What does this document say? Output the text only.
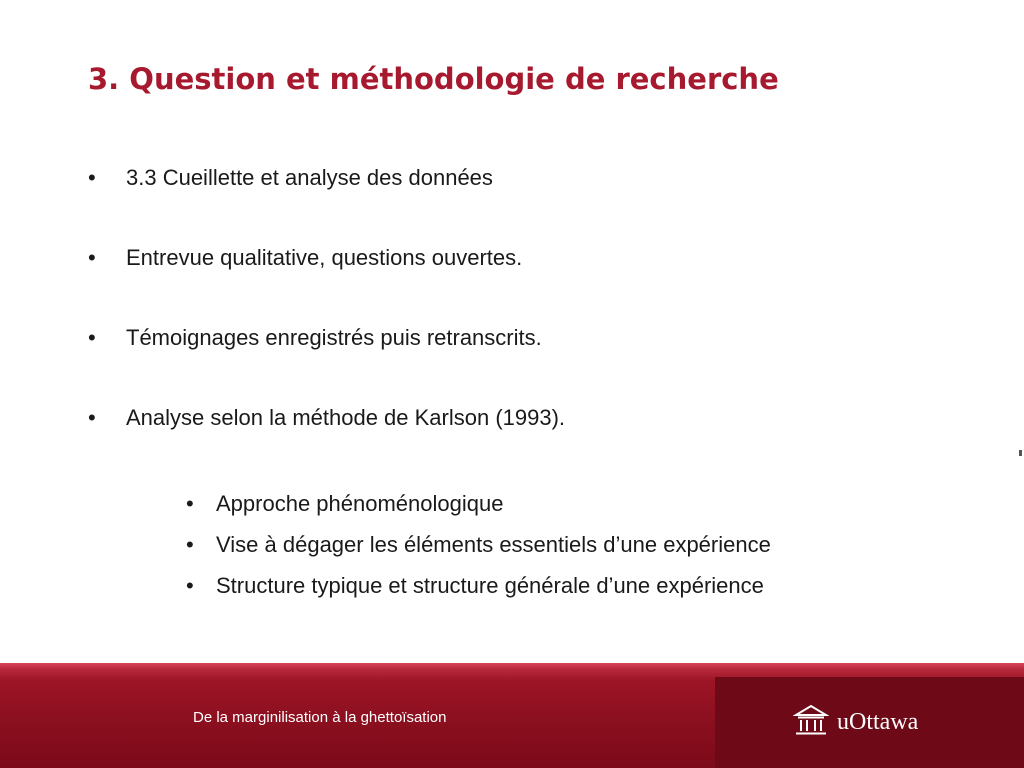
3. Question et méthodologie de recherche
• 3.3 Cueillette et analyse des données
• Entrevue qualitative, questions ouvertes.
• Témoignages enregistrés puis retranscrits.
• Analyse selon la méthode de Karlson (1993).
• Approche phénoménologique
• Vise à dégager les éléments essentiels d’une expérience
• Structure typique et structure générale d’une expérience
De la marginilisation à la ghettoïsation	uOttawa
